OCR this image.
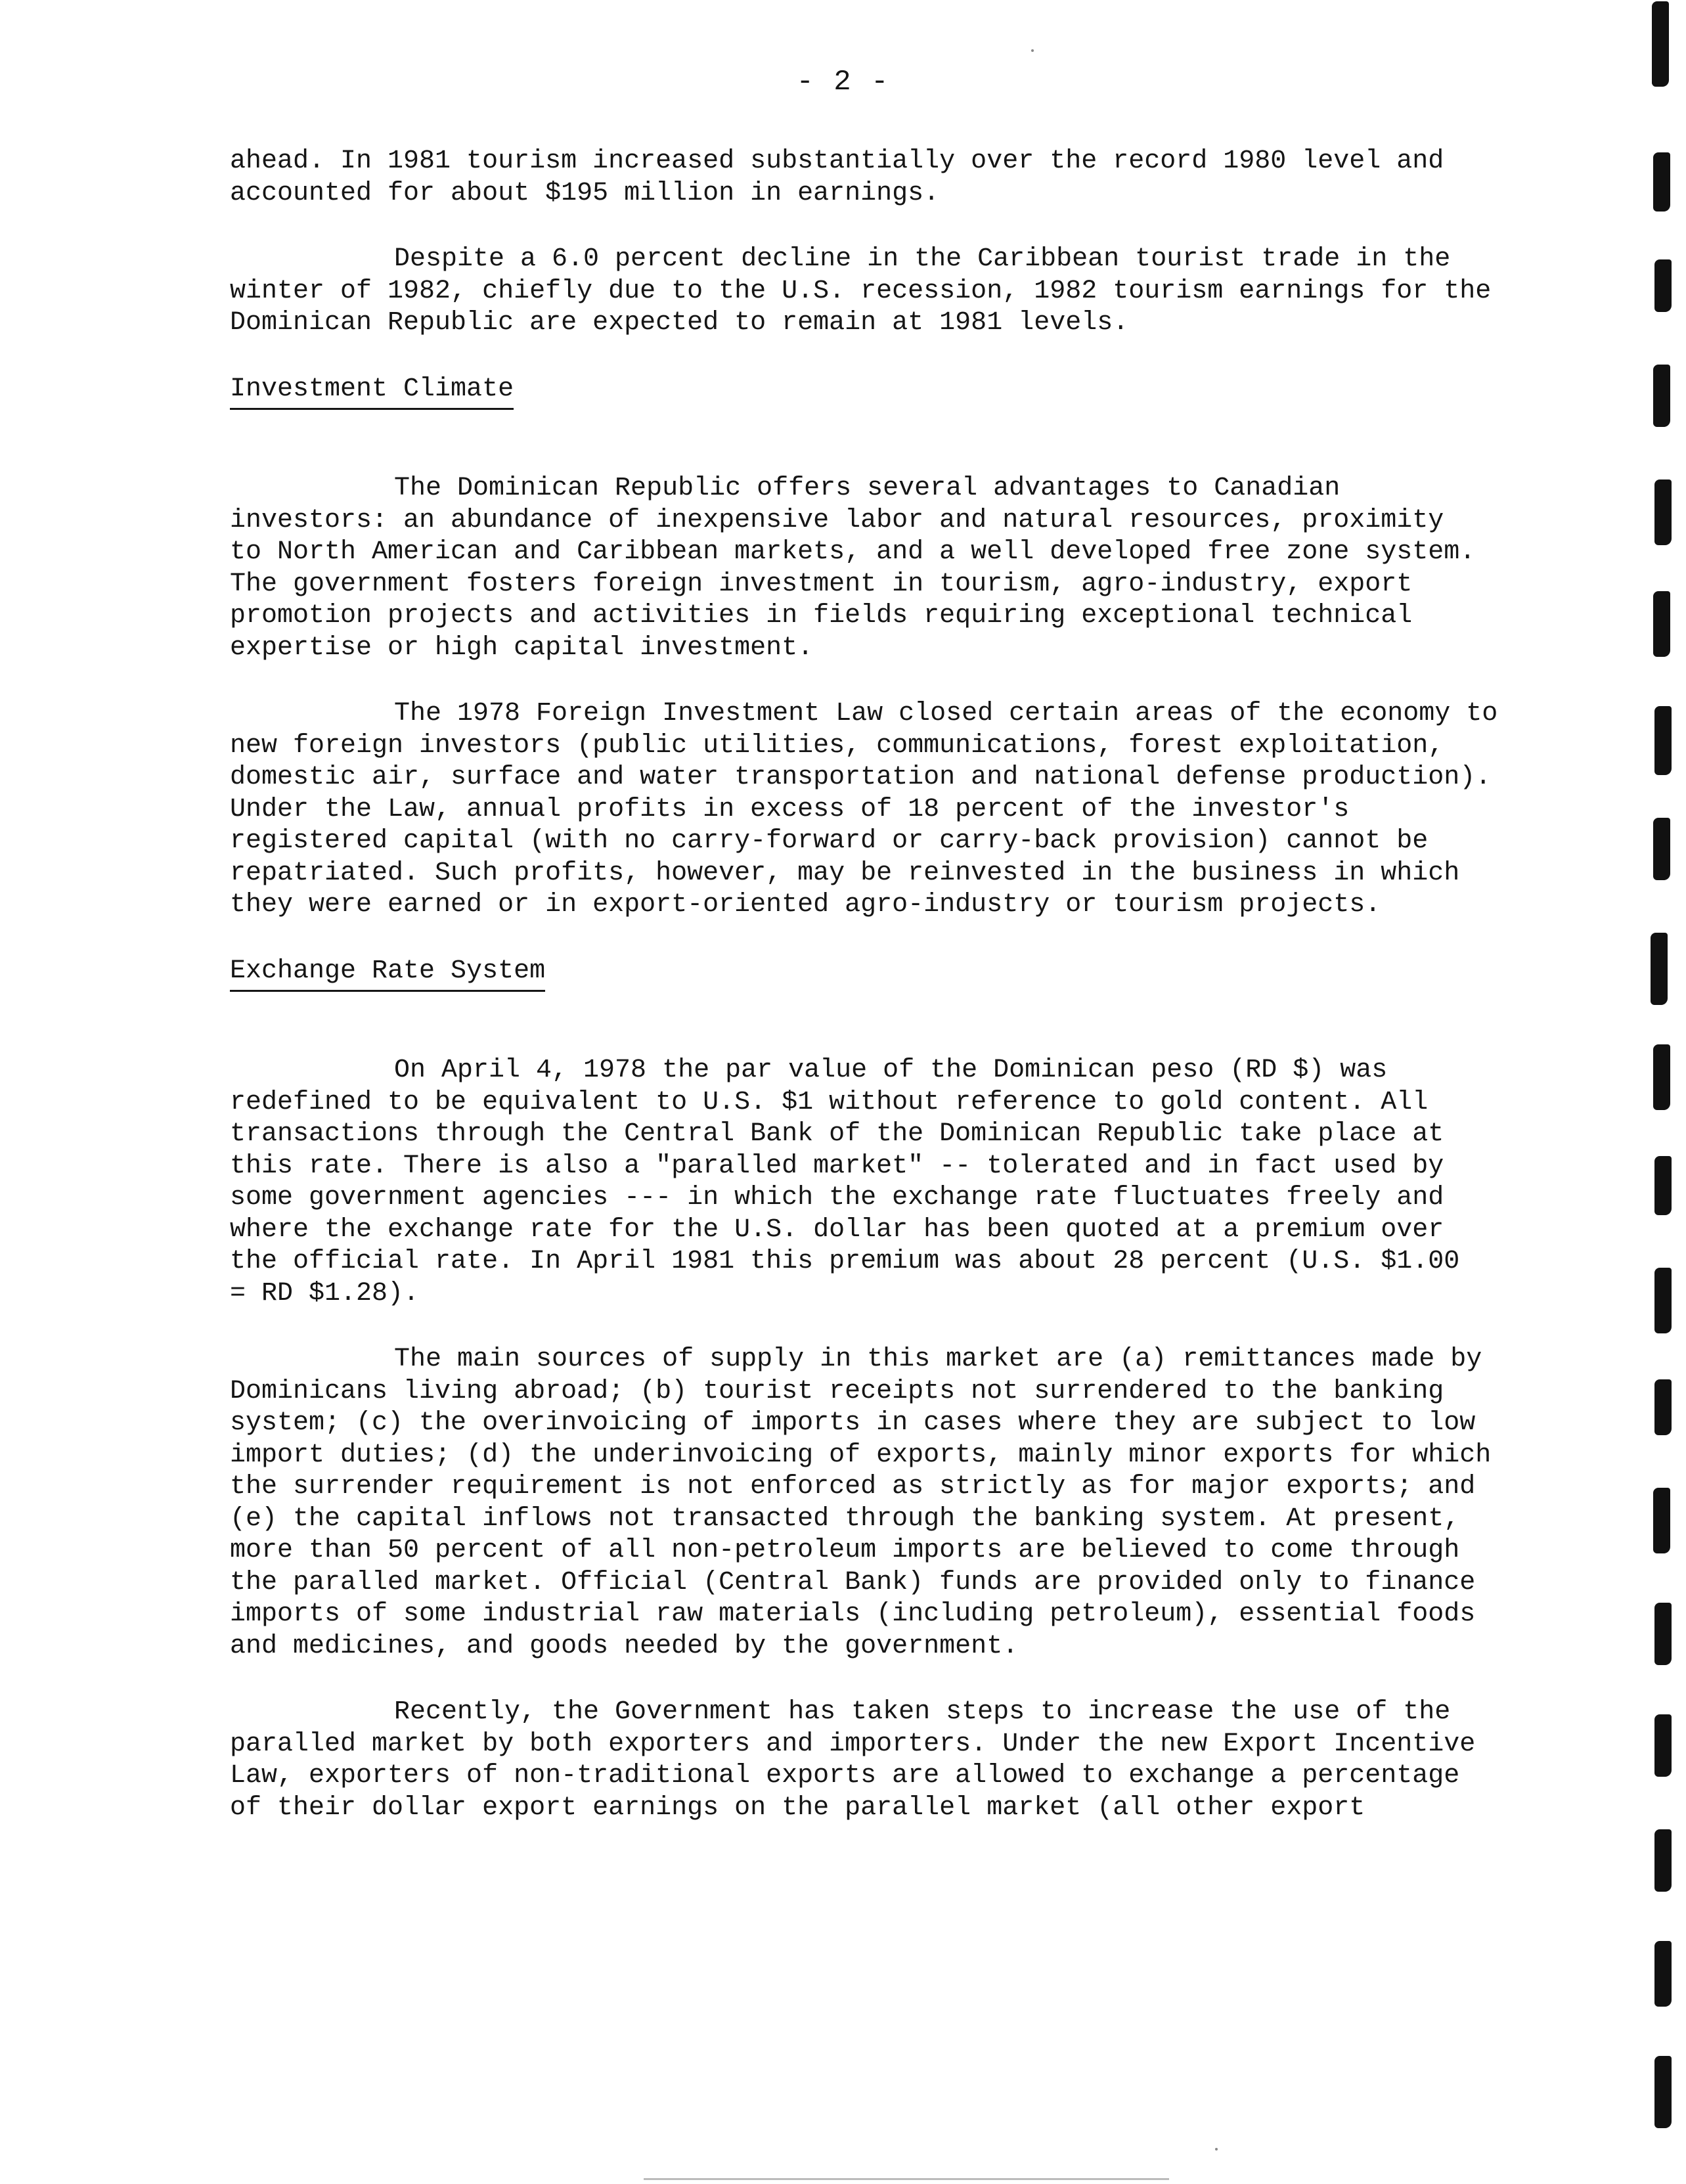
- 2 -

ahead. In 1981 tourism increased substantially over the record 1980 level and
accounted for about $195 million in earnings.

Despite a 6.0 percent decline in the Caribbean tourist trade in the
winter of 1982, chiefly due to the U.S. recession, 1982 tourism earnings for the
Dominican Republic are expected to remain at 1981 levels.

Investment Climate

The Dominican Republic offers several advantages to Canadian
investors: an abundance of inexpensive labor and natural resources, proximity
to North American and Caribbean markets, and a well developed free zone system.
The government fosters foreign investment in tourism, agro-industry, export
promotion projects and activities in fields requiring exceptional technical
expertise or high capital investment.

The 1978 Foreign Investment Law closed certain areas of the economy to
new foreign investors (public utilities, communications, forest exploitation,
domestic air, surface and water transportation and national defense production).
Under the Law, annual profits in excess of 18 percent of the investor's
registered capital (with no carry-forward or carry-back provision) cannot be
repatriated. Such profits, however, may be reinvested in the business in which
they were earned or in export-oriented agro-industry or tourism projects.

Exchange Rate System

On April 4, 1978 the par value of the Dominican peso (RD $) was
redefined to be equivalent to U.S. $1 without reference to gold content. All
transactions through the Central Bank of the Dominican Republic take place at
this rate. There is also a "paralled market" -- tolerated and in fact used by
some government agencies --- in which the exchange rate fluctuates freely and
where the exchange rate for the U.S. dollar has been quoted at a premium over
the official rate. In April 1981 this premium was about 28 percent (U.S. $1.00
= RD $1.28).

The main sources of supply in this market are (a) remittances made by
Dominicans living abroad; (b) tourist receipts not surrendered to the banking
system; (c) the overinvoicing of imports in cases where they are subject to low
import duties; (d) the underinvoicing of exports, mainly minor exports for which
the surrender requirement is not enforced as strictly as for major exports; and
(e) the capital inflows not transacted through the banking system. At present,
more than 50 percent of all non-petroleum imports are believed to come through
the paralled market. Official (Central Bank) funds are provided only to finance
imports of some industrial raw materials (including petroleum), essential foods
and medicines, and goods needed by the government.

Recently, the Government has taken steps to increase the use of the
paralled market by both exporters and importers. Under the new Export Incentive
Law, exporters of non-traditional exports are allowed to exchange a percentage
of their dollar export earnings on the parallel market (all other export
